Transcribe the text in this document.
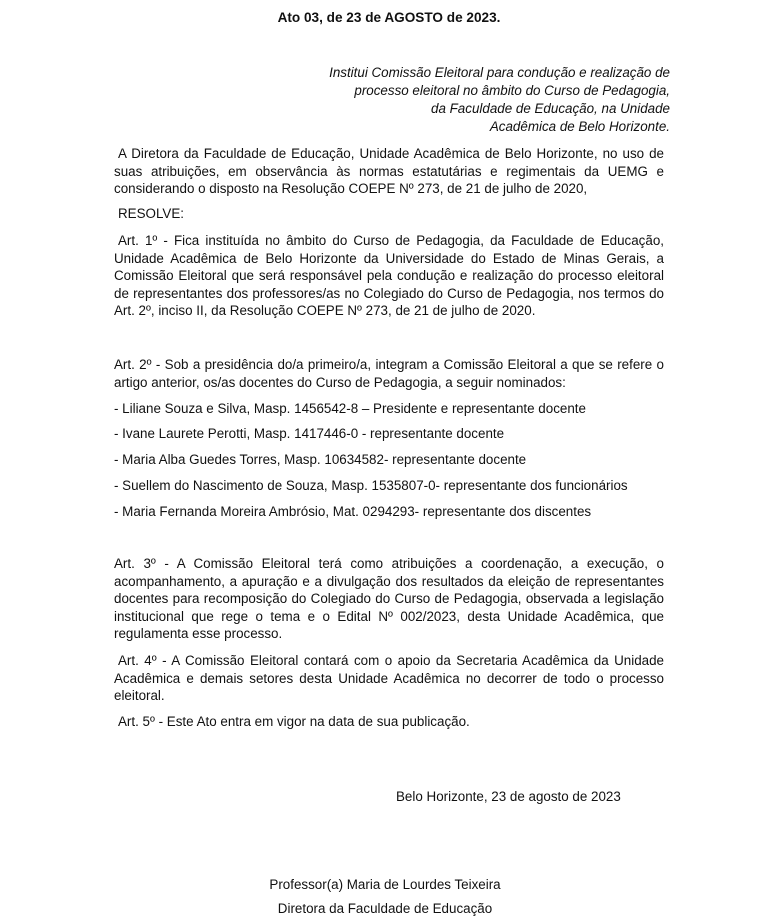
Ato 03, de 23 de AGOSTO de 2023.
Institui Comissão Eleitoral para condução e realização de
processo eleitoral no âmbito do Curso de Pedagogia,
da Faculdade de Educação, na Unidade
Acadêmica de Belo Horizonte.
A Diretora da Faculdade de Educação, Unidade Acadêmica de Belo Horizonte, no uso de suas atribuições, em observância às normas estatutárias e regimentais da UEMG e considerando o disposto na Resolução COEPE Nº 273, de 21 de julho de 2020,
RESOLVE:
Art. 1º - Fica instituída no âmbito do Curso de Pedagogia, da Faculdade de Educação, Unidade Acadêmica de Belo Horizonte da Universidade do Estado de Minas Gerais, a Comissão Eleitoral que será responsável pela condução e realização do processo eleitoral de representantes dos professores/as no Colegiado do Curso de Pedagogia, nos termos do Art. 2º, inciso II, da Resolução COEPE Nº 273, de 21 de julho de 2020.
Art. 2º - Sob a presidência do/a primeiro/a, integram a Comissão Eleitoral a que se refere o artigo anterior, os/as docentes do Curso de Pedagogia, a seguir nominados:
- Liliane Souza e Silva, Masp. 1456542-8 – Presidente e representante docente
- Ivane Laurete Perotti, Masp. 1417446-0 - representante docente
- Maria Alba Guedes Torres, Masp. 10634582- representante docente
- Suellem do Nascimento de Souza, Masp. 1535807-0- representante dos funcionários
- Maria Fernanda Moreira Ambrósio, Mat. 0294293- representante dos discentes
Art. 3º - A Comissão Eleitoral terá como atribuições a coordenação, a execução, o acompanhamento, a apuração e a divulgação dos resultados da eleição de representantes docentes para recomposição do Colegiado do Curso de Pedagogia, observada a legislação institucional que rege o tema e o Edital Nº 002/2023, desta Unidade Acadêmica, que regulamenta esse processo.
Art. 4º - A Comissão Eleitoral contará com o apoio da Secretaria Acadêmica da Unidade Acadêmica e demais setores desta Unidade Acadêmica no decorrer de todo o processo eleitoral.
Art. 5º - Este Ato entra em vigor na data de sua publicação.
Belo Horizonte, 23 de agosto de 2023
Professor(a) Maria de Lourdes Teixeira
Diretora da Faculdade de Educação
